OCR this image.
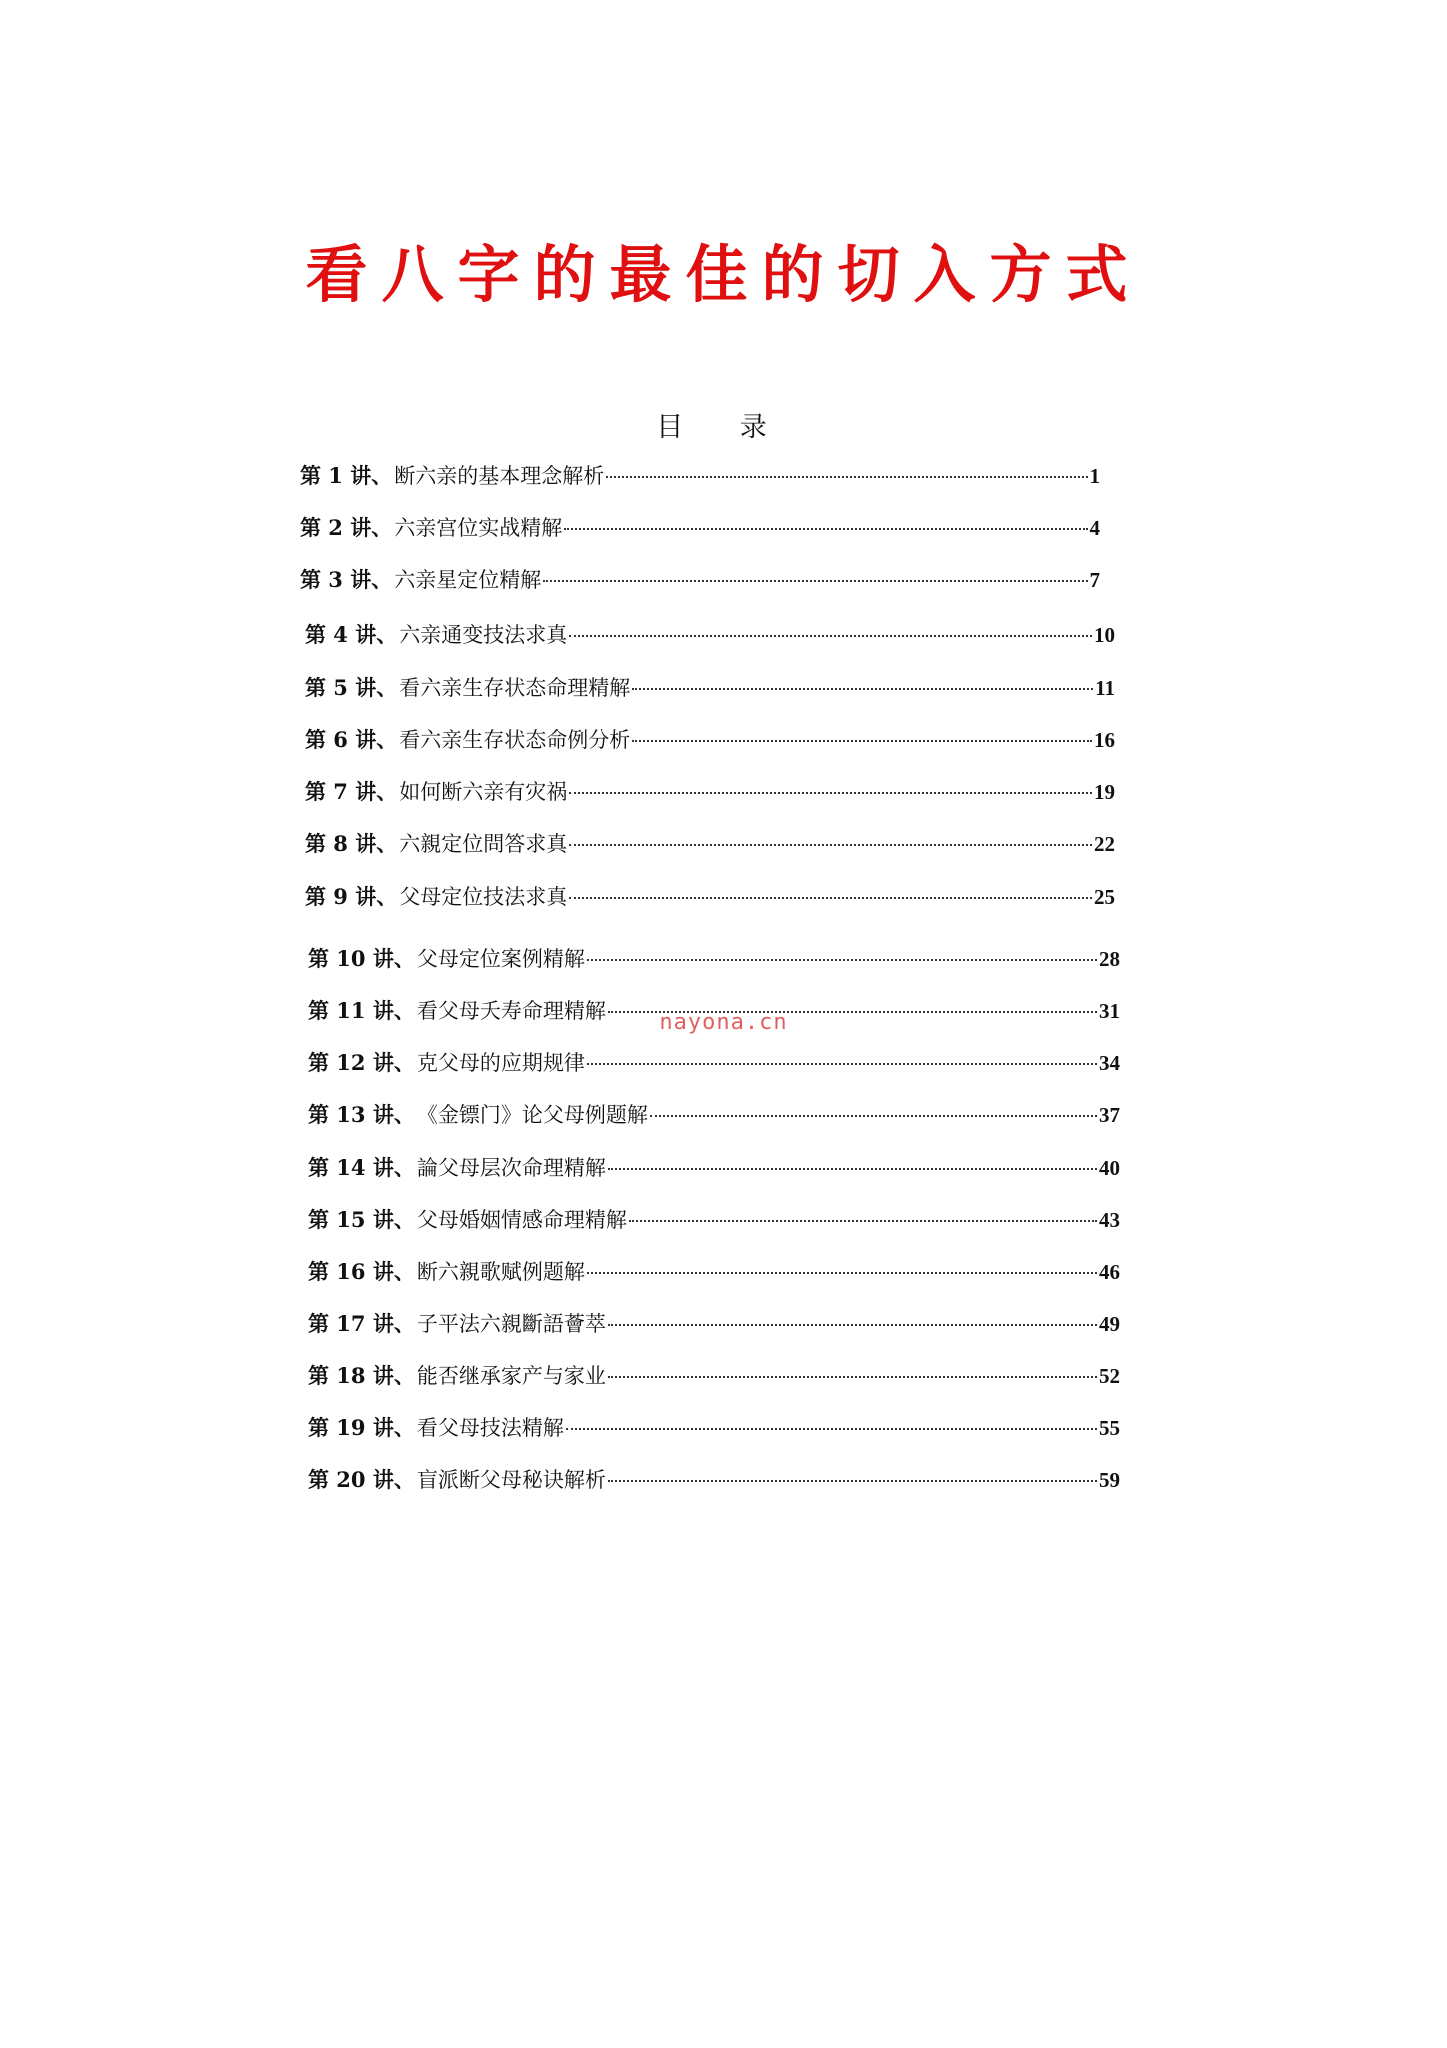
看八字的最佳的切入方式
目 录
第 1 讲、 断六亲的基本理念解析	1
第 2 讲、 六亲宫位实战精解	4
第 3 讲、 六亲星定位精解	7
第 4 讲、 六亲通变技法求真	10
第 5 讲、 看六亲生存状态命理精解	11
第 6 讲、 看六亲生存状态命例分析	16
第 7 讲、 如何断六亲有灾祸	19
第 8 讲、 六親定位問答求真	22
第 9 讲、 父母定位技法求真	25
第 10 讲、 父母定位案例精解	28
第 11 讲、 看父母夭寿命理精解	31
第 12 讲、 克父母的应期规律	34
第 13 讲、 《金镖门》论父母例题解	37
第 14 讲、 論父母层次命理精解	40
第 15 讲、 父母婚姻情感命理精解	43
第 16 讲、 断六親歌赋例题解	46
第 17 讲、 子平法六親斷語薈萃	49
第 18 讲、 能否继承家产与家业	52
第 19 讲、 看父母技法精解	55
第 20 讲、 盲派断父母秘诀解析	59
nayona.cn
